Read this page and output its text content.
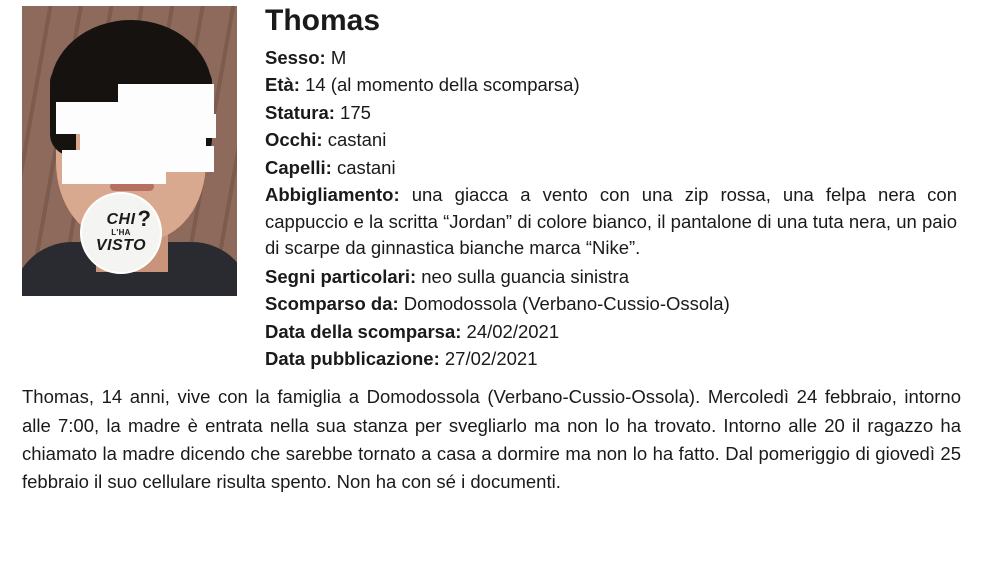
CHI
L'HA
VISTO
?
Thomas

Sesso: M

Età: 14 (al momento della scomparsa)

Statura: 175

Occhi: castani

Capelli: castani

Abbigliamento: una giacca a vento con una zip rossa, una felpa nera con cappuccio e la scritta “Jordan” di colore bianco, il pantalone di una tuta nera, un paio di scarpe da ginnastica bianche marca “Nike”.

Segni particolari: neo sulla guancia sinistra

Scomparso da: Domodossola (Verbano-Cussio-Ossola)

Data della scomparsa: 24/02/2021

Data pubblicazione: 27/02/2021

Thomas, 14 anni, vive con la famiglia a Domodossola (Verbano-Cussio-Ossola). Mercoledì 24 febbraio, intorno alle 7:00, la madre è entrata nella sua stanza per svegliarlo ma non lo ha trovato. Intorno alle 20 il ragazzo ha chiamato la madre dicendo che sarebbe tornato a casa a dormire ma non lo ha fatto. Dal pomeriggio di giovedì 25 febbraio il suo cellulare risulta spento. Non ha con sé i documenti.
